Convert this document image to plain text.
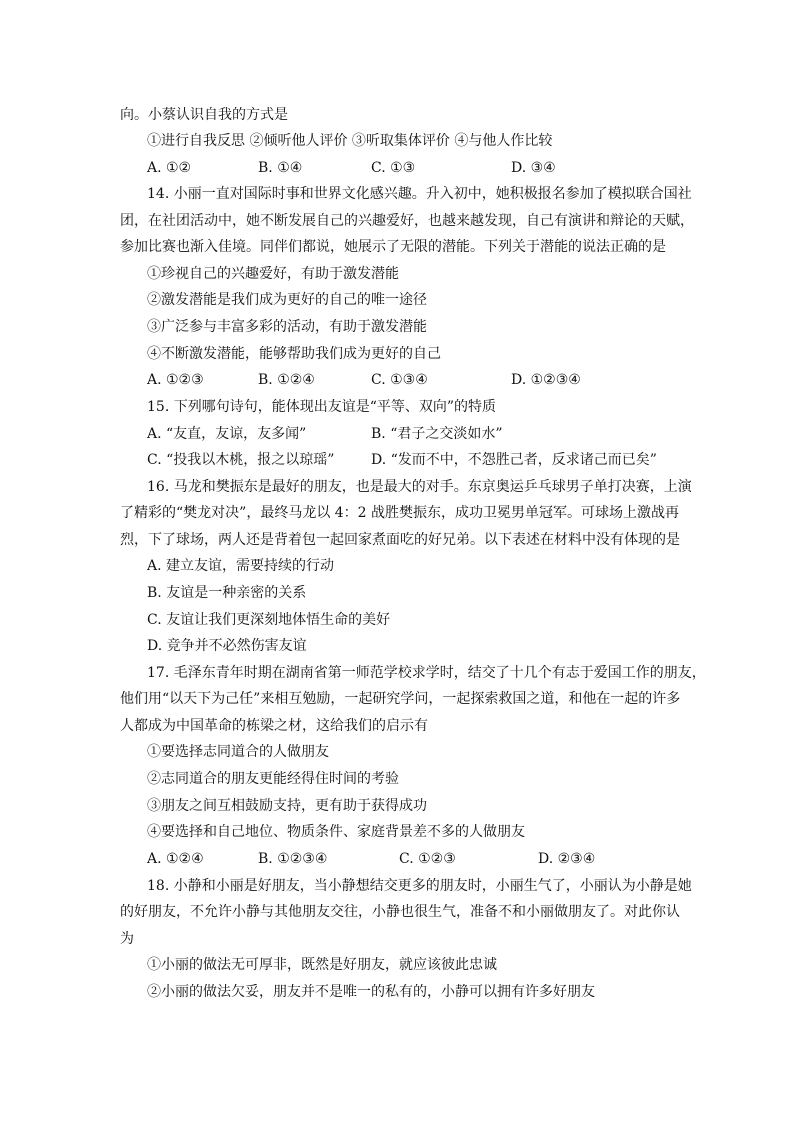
向。小蔡认识自我的方式是
①进行自我反思 ②倾听他人评价 ③听取集体评价 ④与他人作比较
A. ①②	B. ①④	C. ①③	D. ③④
14. 小丽一直对国际时事和世界文化感兴趣。升入初中，她积极报名参加了模拟联合国社
团，在社团活动中，她不断发展自己的兴趣爱好，也越来越发现，自己有演讲和辩论的天赋，
参加比赛也渐入佳境。同伴们都说，她展示了无限的潜能。下列关于潜能的说法正确的是
①珍视自己的兴趣爱好，有助于激发潜能
②激发潜能是我们成为更好的自己的唯一途径
③广泛参与丰富多彩的活动，有助于激发潜能
④不断激发潜能，能够帮助我们成为更好的自己
A. ①②③	B. ①②④	C. ①③④	D. ①②③④
15. 下列哪句诗句，能体现出友谊是“平等、双向”的特质
A. “友直，友谅，友多闻”	B. “君子之交淡如水”
C. “投我以木桃，报之以琼瑶”	D. “发而不中，不怨胜己者，反求诸己而已矣”
16. 马龙和樊振东是最好的朋友，也是最大的对手。东京奥运乒乓球男子单打决赛，上演
了精彩的“樊龙对决”，最终马龙以 4：2 战胜樊振东，成功卫冕男单冠军。可球场上激战再
烈，下了球场，两人还是背着包一起回家煮面吃的好兄弟。以下表述在材料中没有体现的是
A. 建立友谊，需要持续的行动
B. 友谊是一种亲密的关系
C. 友谊让我们更深刻地体悟生命的美好
D. 竞争并不必然伤害友谊
17. 毛泽东青年时期在湖南省第一师范学校求学时，结交了十几个有志于爱国工作的朋友，
他们用“以天下为己任”来相互勉励，一起研究学问，一起探索救国之道，和他在一起的许多
人都成为中国革命的栋梁之材，这给我们的启示有
①要选择志同道合的人做朋友
②志同道合的朋友更能经得住时间的考验
③朋友之间互相鼓励支持，更有助于获得成功
④要选择和自己地位、物质条件、家庭背景差不多的人做朋友
A. ①②④	B. ①②③④	C. ①②③	D. ②③④
18. 小静和小丽是好朋友，当小静想结交更多的朋友时，小丽生气了，小丽认为小静是她
的好朋友，不允许小静与其他朋友交往，小静也很生气，准备不和小丽做朋友了。对此你认
为
①小丽的做法无可厚非，既然是好朋友，就应该彼此忠诚
②小丽的做法欠妥，朋友并不是唯一的私有的，小静可以拥有许多好朋友
